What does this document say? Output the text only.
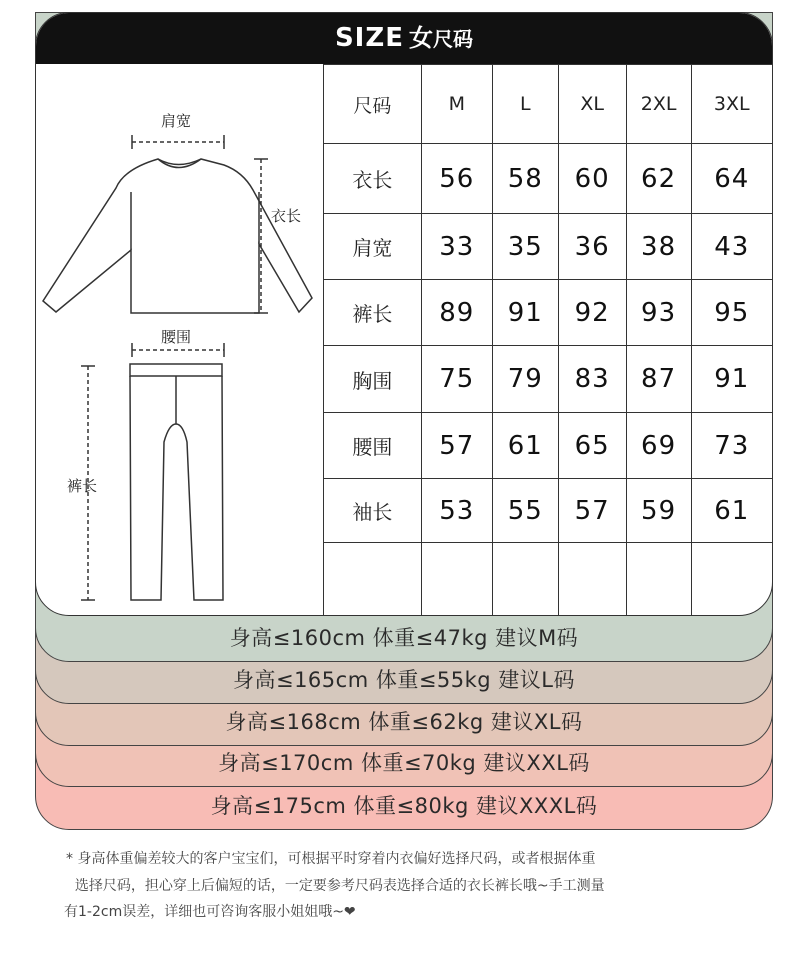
身高≤175cm 体重≤80kg 建议XXXL码
身高≤170cm 体重≤70kg 建议XXL码
身高≤168cm 体重≤62kg 建议XL码
身高≤165cm 体重≤55kg 建议L码
身高≤160cm 体重≤47kg 建议M码
SIZE 女尺码
肩宽
衣长
腰围
裤长
尺码	M	L	XL	2XL	3XL
衣长	56	58	60	62	64
肩宽	33	35	36	38	43
裤长	89	91	92	93	95
胸围	75	79	83	87	91
腰围	57	61	65	69	73
袖长	53	55	57	59	61

* 身高体重偏差较大的客户宝宝们，可根据平时穿着内衣偏好选择尺码，或者根据体重
选择尺码，担心穿上后偏短的话，一定要参考尺码表选择合适的衣长裤长哦~手工测量
有1-2cm误差，详细也可咨询客服小姐姐哦~❤
